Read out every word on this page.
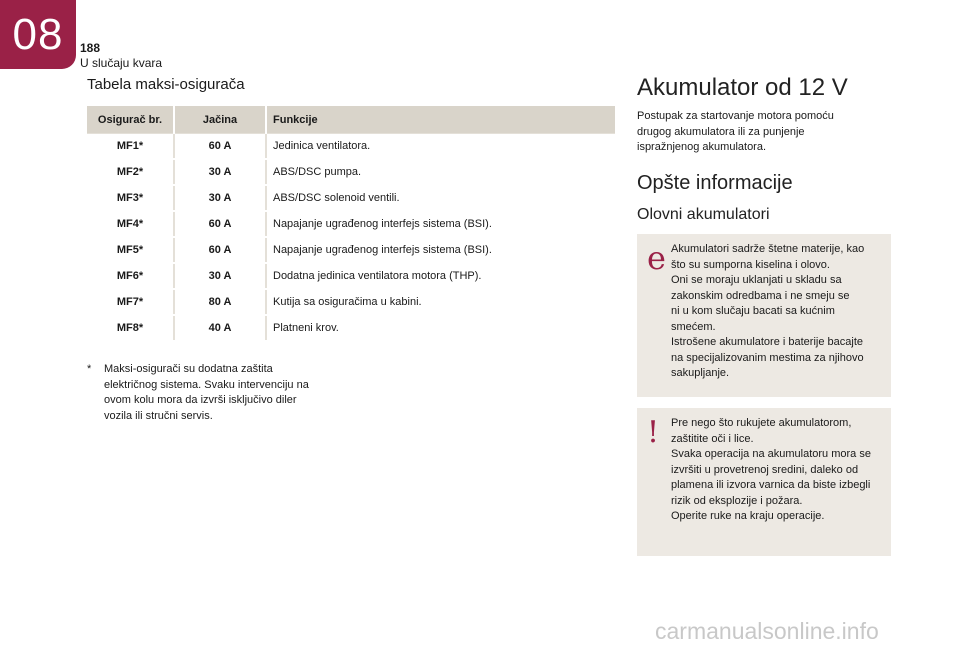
08 188
U slučaju kvara
Tabela maksi-osigurača
Osigurač br.	Jačina	Funkcije
MF1*	60 A	Jedinica ventilatora.
MF2*	30 A	ABS/DSC pumpa.
MF3*	30 A	ABS/DSC solenoid ventili.
MF4*	60 A	Napajanje ugrađenog interfejs sistema (BSI).
MF5*	60 A	Napajanje ugrađenog interfejs sistema (BSI).
MF6*	30 A	Dodatna jedinica ventilatora motora (THP).
MF7*	80 A	Kutija sa osiguračima u kabini.
MF8*	40 A	Platneni krov.
* Maksi-osigurači su dodatna zaštita
električnog sistema. Svaku intervenciju na
ovom kolu mora da izvrši isključivo diler
vozila ili stručni servis.
Akumulator od 12 V
Postupak za startovanje motora pomoću
drugog akumulatora ili za punjenje
ispražnjenog akumulatora.
Opšte informacije
Olovni akumulatori
e Akumulatori sadrže štetne materije, kao

što su sumporna kiselina i olovo.

Oni se moraju uklanjati u skladu sa

zakonskim odredbama i ne smeju se

ni u kom slučaju bacati sa kućnim

smećem.

Istrošene akumulatore i baterije bacajte

na specijalizovanim mestima za njihovo

sakupljanje.

! Pre nego što rukujete akumulatorom,

zaštitite oči i lice.

Svaka operacija na akumulatoru mora se

izvršiti u provetrenoj sredini, daleko od

plamena ili izvora varnica da biste izbegli

rizik od eksplozije i požara.

Operite ruke na kraju operacije.

carmanualsonline.info
